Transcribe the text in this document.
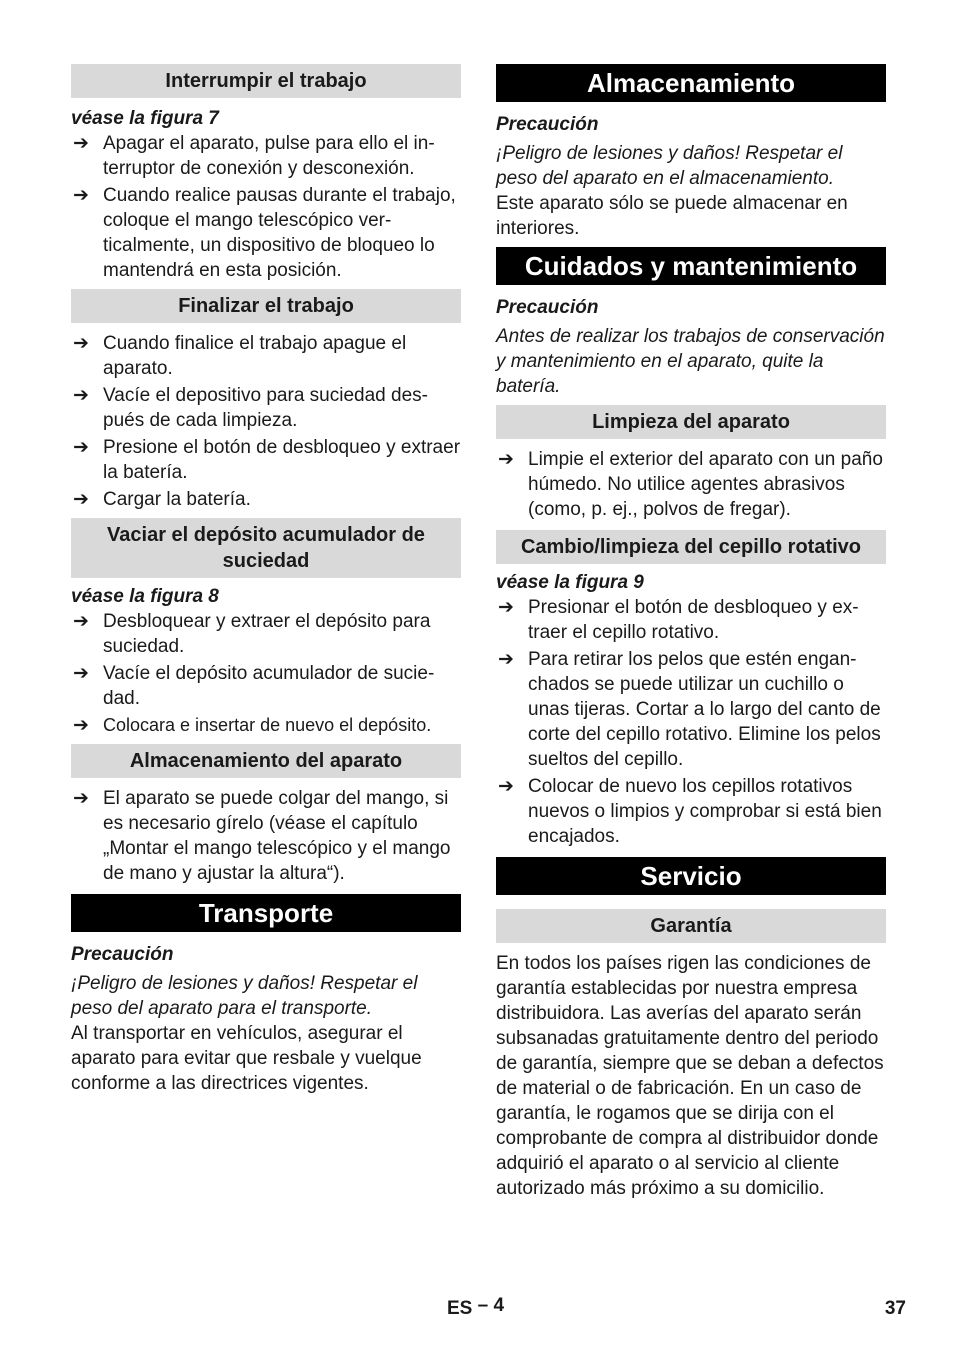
Interrumpir el trabajo

véase la figura 7

➔ Apagar el aparato, pulse para ello el interruptor de conexión y desconexión.
➔ Cuando realice pausas durante el trabajo, coloque el mango telescópico verticalmente, un dispositivo de bloqueo lo mantendrá en esta posición.
Finalizar el trabajo
➔ Cuando finalice el trabajo apague el aparato.
➔ Vacíe el depositivo para suciedad después de cada limpieza.
➔ Presione el botón de desbloqueo y extraer la batería.
➔ Cargar la batería.
Vaciar el depósito acumulador de suciedad

véase la figura 8

➔ Desbloquear y extraer el depósito para suciedad.
➔ Vacíe el depósito acumulador de suciedad.
➔ Colocara e insertar de nuevo el depósito.
Almacenamiento del aparato
➔ El aparato se puede colgar del mango, si es necesario gírelo (véase el capítulo „Montar el mango telescópico y el mango de mano y ajustar la altura“).
Transporte

Precaución

¡Peligro de lesiones y daños! Respetar el peso del aparato para el transporte.

Al transportar en vehículos, asegurar el aparato para evitar que resbale y vuelque conforme a las directrices vigentes.

Almacenamiento

Precaución

¡Peligro de lesiones y daños! Respetar el peso del aparato en el almacenamiento.

Este aparato sólo se puede almacenar en interiores.

Cuidados y mantenimiento

Precaución

Antes de realizar los trabajos de conservación y mantenimiento en el aparato, quite la batería.

Limpieza del aparato
➔ Limpie el exterior del aparato con un paño húmedo. No utilice agentes abrasivos (como, p. ej., polvos de fregar).
Cambio/limpieza del cepillo rotativo

véase la figura 9

➔ Presionar el botón de desbloqueo y extraer el cepillo rotativo.
➔ Para retirar los pelos que estén enganchados se puede utilizar un cuchillo o unas tijeras. Cortar a lo largo del canto de corte del cepillo rotativo. Elimine los pelos sueltos del cepillo.
➔ Colocar de nuevo los cepillos rotativos nuevos o limpios y comprobar si está bien encajados.
Servicio
Garantía

En todos los países rigen las condiciones de garantía establecidas por nuestra empresa distribuidora. Las averías del aparato serán subsanadas gratuitamente dentro del periodo de garantía, siempre que se deban a defectos de material o de fabricación. En un caso de garantía, le rogamos que se dirija con el comprobante de compra al distribuidor donde adquirió el aparato o al servicio al cliente autorizado más próximo a su domicilio.

ES – 4	37
